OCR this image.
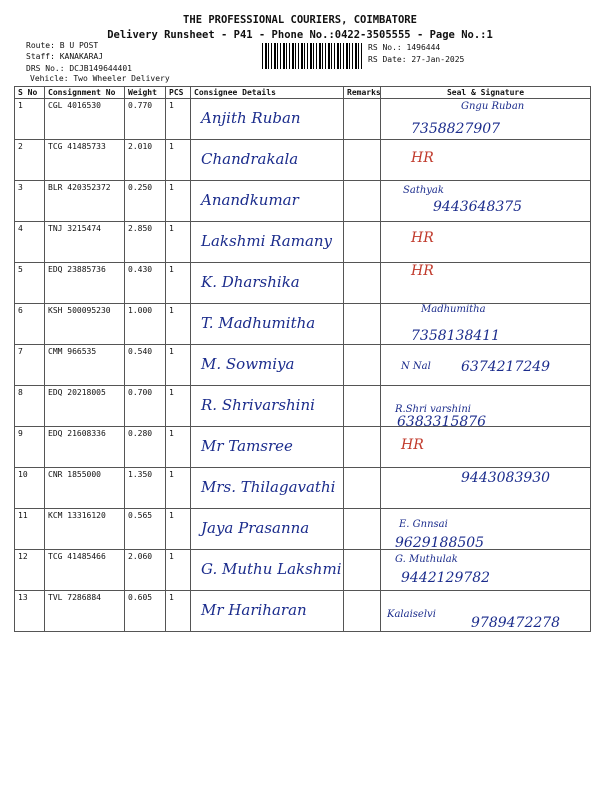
THE PROFESSIONAL COURIERS, COIMBATORE
Delivery Runsheet - P41 - Phone No.:0422-3505555 - Page No.:1
Route: B U POST
Staff: KANAKARAJ
DRS No.: DCJB149644401
Vehicle: Two Wheeler Delivery
RS No.: 1496444
RS Date: 27-Jan-2025
S No	Consignment No	Weight	PCS	Consignee Details	Remarks	Seal & Signature
1	CGL 4016530	0.770	1	Anjith Ruban		Gngu Ruban
7358827907

2	TCG 41485733	2.010	1	Chandrakala		HR

3	BLR 420352372	0.250	1	Anandkumar		Sathyak
9443648375

4	TNJ 3215474	2.850	1	Lakshmi Ramany		HR

5	EDQ 23885736	0.430	1	K. Dharshika		HR

6	KSH 500095230	1.000	1	T. Madhumitha		Madhumitha
7358138411

7	CMM 966535	0.540	1	M. Sowmiya		N Nal 6374217249

8	EDQ 20218005	0.700	1	R. Shrivarshini		R.Shri varshini
6383315876

9	EDQ 21608336	0.280	1	Mr Tamsree		HR

10	CNR 1855000	1.350	1	Mrs. Thilagavathi		9443083930

11	KCM 13316120	0.565	1	Jaya Prasanna		E. Gnnsai
9629188505

12	TCG 41485466	2.060	1	G. Muthu Lakshmi		G. Muthulak
9442129782

13	TVL 7286884	0.605	1	Mr Hariharan		Kalaiselvi
9789472278
